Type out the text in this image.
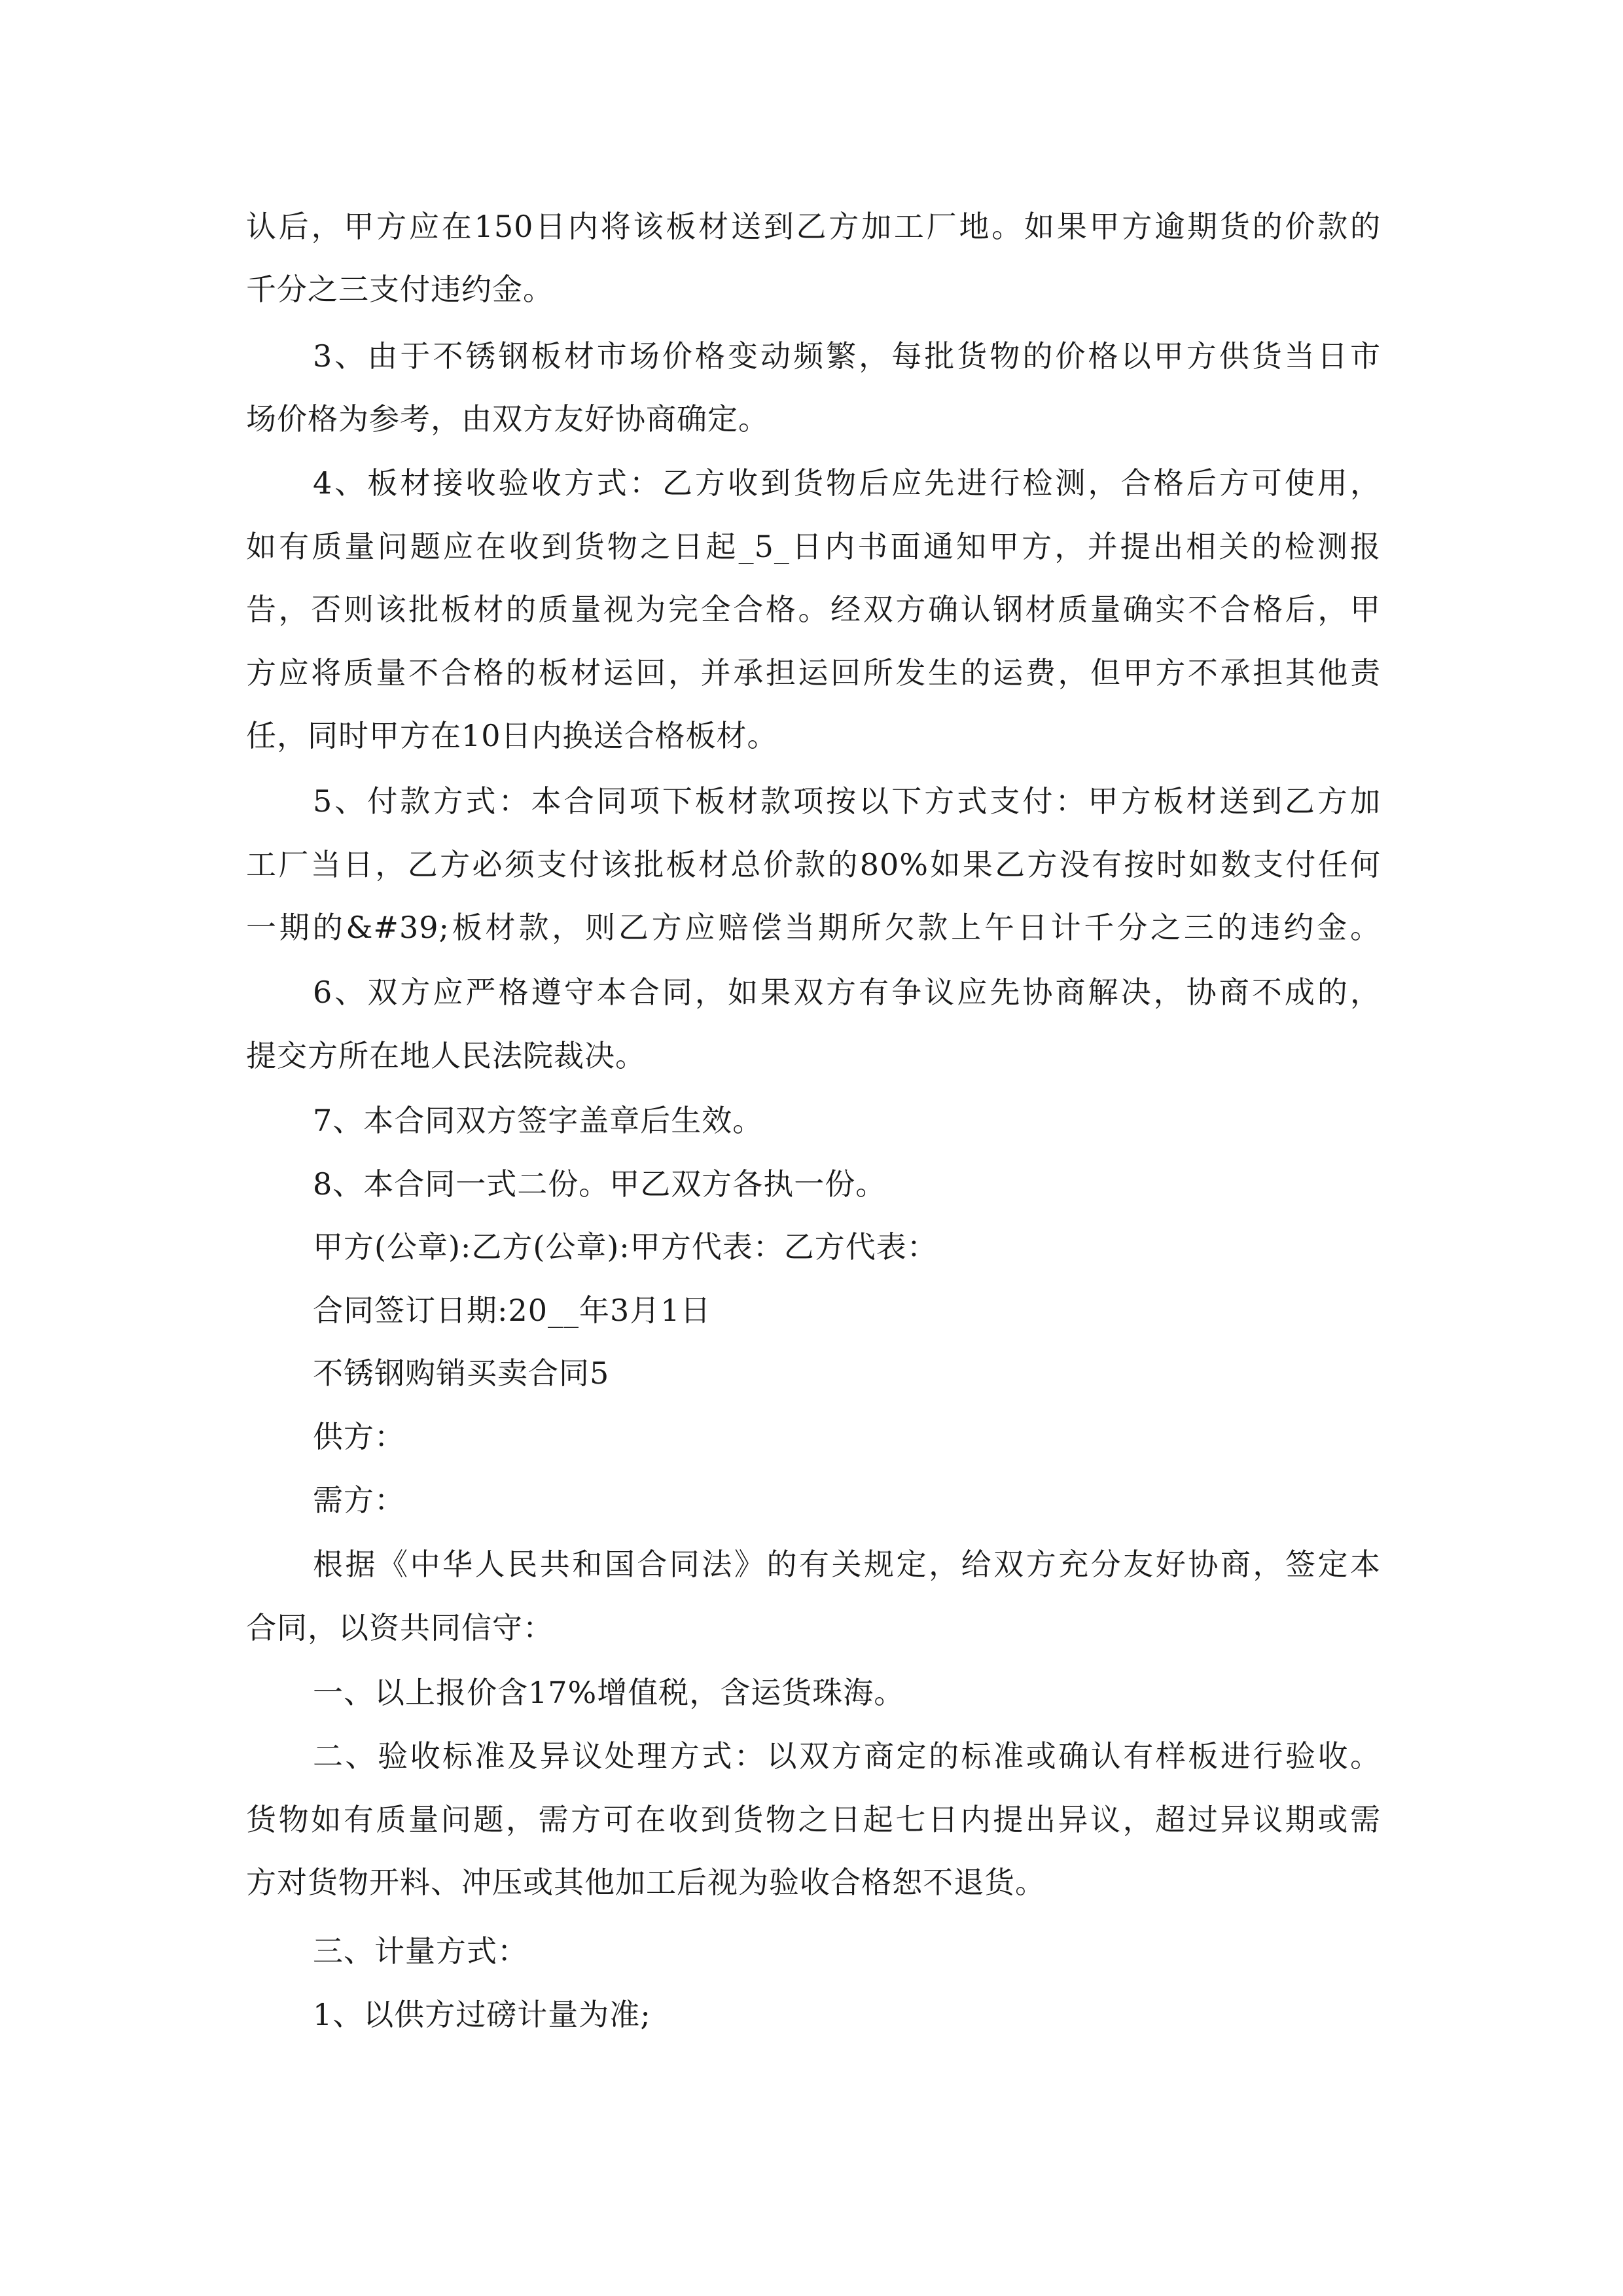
认后，甲方应在150日内将该板材送到乙方加工厂地。如果甲方逾期货的价款的
千分之三支付违约金。
3、由于不锈钢板材市场价格变动频繁，每批货物的价格以甲方供货当日市
场价格为参考，由双方友好协商确定。
4、板材接收验收方式：乙方收到货物后应先进行检测，合格后方可使用，
如有质量问题应在收到货物之日起_5_日内书面通知甲方，并提出相关的检测报
告，否则该批板材的质量视为完全合格。经双方确认钢材质量确实不合格后，甲
方应将质量不合格的板材运回，并承担运回所发生的运费，但甲方不承担其他责
任，同时甲方在10日内换送合格板材。
5、付款方式：本合同项下板材款项按以下方式支付：甲方板材送到乙方加
工厂当日，乙方必须支付该批板材总价款的80%如果乙方没有按时如数支付任何
一期的&#39;板材款，则乙方应赔偿当期所欠款上午日计千分之三的违约金。
6、双方应严格遵守本合同，如果双方有争议应先协商解决，协商不成的，
提交方所在地人民法院裁决。
7、本合同双方签字盖章后生效。
8、本合同一式二份。甲乙双方各执一份。
甲方(公章):乙方(公章):甲方代表：乙方代表：
合同签订日期:20__年3月1日
不锈钢购销买卖合同5
供方：
需方：
根据《中华人民共和国合同法》的有关规定，给双方充分友好协商，签定本
合同，以资共同信守：
一、以上报价含17%增值税，含运货珠海。
二、验收标准及异议处理方式：以双方商定的标准或确认有样板进行验收。
货物如有质量问题，需方可在收到货物之日起七日内提出异议，超过异议期或需
方对货物开料、冲压或其他加工后视为验收合格恕不退货。
三、计量方式：
1、以供方过磅计量为准;
